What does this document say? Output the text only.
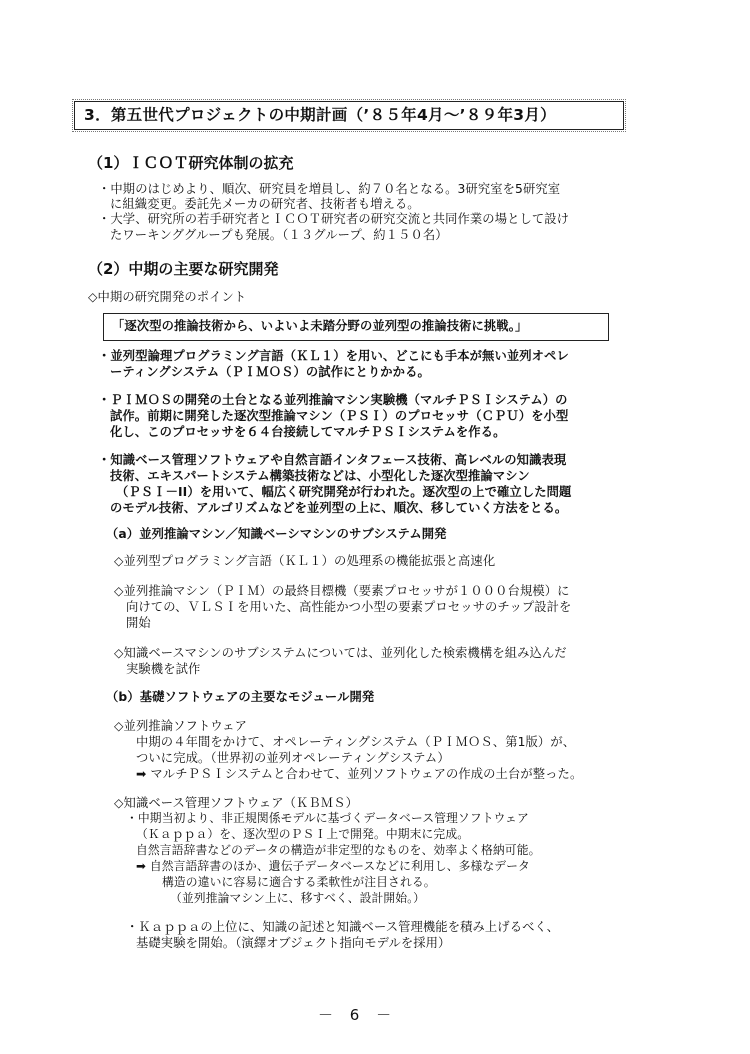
3．第五世代プロジェクトの中期計画（’８５年4月～’８９年3月）
（1）ＩＣＯＴ研究体制の拡充
・中期のはじめより、順次、研究員を増員し、約７０名となる。3研究室を5研究室
に組織変更。委託先メーカの研究者、技術者も増える。
・大学、研究所の若手研究者とＩＣＯＴ研究者の研究交流と共同作業の場として設け
たワーキンググループも発展。（１３グループ、約１５０名）
（2）中期の主要な研究開発
◇中期の研究開発のポイント
「逐次型の推論技術から、いよいよ未踏分野の並列型の推論技術に挑戦。」
・並列型論理プログラミング言語（ＫＬ１）を用い、どこにも手本が無い並列オペレ
ーティングシステム（ＰＩＭＯＳ）の試作にとりかかる。
・ＰＩＭＯＳの開発の土台となる並列推論マシン実験機（マルチＰＳＩシステム）の
試作。前期に開発した逐次型推論マシン（ＰＳＩ）のプロセッサ（ＣＰＵ）を小型
化し、このプロセッサを６４台接続してマルチＰＳＩシステムを作る。
・知識ベース管理ソフトウェアや自然言語インタフェース技術、高レベルの知識表現
技術、エキスパートシステム構築技術などは、小型化した逐次型推論マシン
（ＰＳＩ－II）を用いて、幅広く研究開発が行われた。逐次型の上で確立した問題
のモデル技術、アルゴリズムなどを並列型の上に、順次、移していく方法をとる。
（a）並列推論マシン／知識ベーシマシンのサブシステム開発
◇並列型プログラミング言語（ＫＬ１）の処理系の機能拡張と高速化
◇並列推論マシン（ＰＩＭ）の最終目標機（要素プロセッサが１０００台規模）に
向けての、ＶＬＳＩを用いた、高性能かつ小型の要素プロセッサのチップ設計を
開始
◇知識ベースマシンのサブシステムについては、並列化した検索機構を組み込んだ
実験機を試作
（b）基礎ソフトウェアの主要なモジュール開発
◇並列推論ソフトウェア
中期の４年間をかけて、オペレーティングシステム（ＰＩＭＯＳ、第1版）が、
ついに完成。（世界初の並列オペレーティングシステム）
➡ マルチＰＳＩシステムと合わせて、並列ソフトウェアの作成の土台が整った。
◇知識ベース管理ソフトウェア（ＫＢＭＳ）
・中期当初より、非正規関係モデルに基づくデータベース管理ソフトウェア
（Ｋａｐｐａ）を、逐次型のＰＳＩ上で開発。中期末に完成。
自然言語辞書などのデータの構造が非定型的なものを、効率よく格納可能。
➡ 自然言語辞書のほか、遺伝子データベースなどに利用し、多様なデータ
構造の違いに容易に適合する柔軟性が注目される。
（並列推論マシン上に、移すべく、設計開始。）
・Ｋａｐｐａの上位に、知識の記述と知識ベース管理機能を積み上げるべく、
基礎実験を開始。（演繹オブジェクト指向モデルを採用）
－ 6 －
